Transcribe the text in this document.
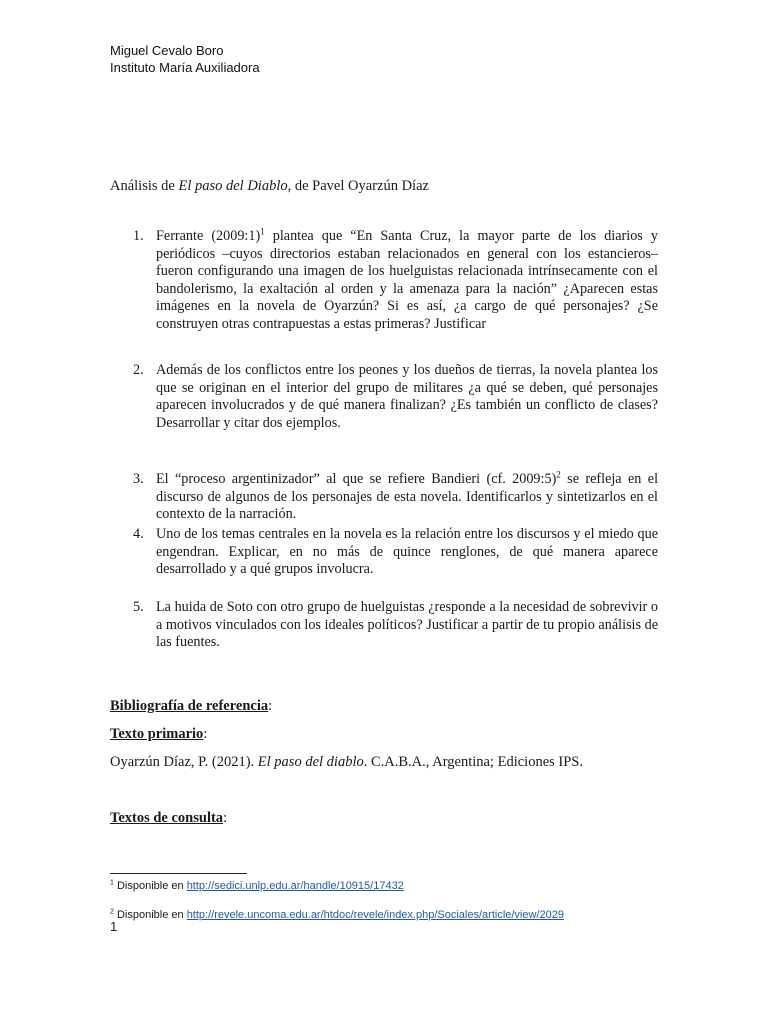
Miguel Cevalo Boro
Instituto María Auxiliadora
Análisis de El paso del Diablo, de Pavel Oyarzún Díaz
1. Ferrante (2009:1)$^1$ plantea que “En Santa Cruz, la mayor parte de los diarios y periódicos –cuyos directorios estaban relacionados en general con los estancieros– fueron configurando una imagen de los huelguistas relacionada intrínsecamente con el bandolerismo, la exaltación al orden y la amenaza para la nación” ¿Aparecen estas imágenes en la novela de Oyarzún? Si es así, ¿a cargo de qué personajes? ¿Se construyen otras contrapuestas a estas primeras? Justificar
2. Además de los conflictos entre los peones y los dueños de tierras, la novela plantea los que se originan en el interior del grupo de militares ¿a qué se deben, qué personajes aparecen involucrados y de qué manera finalizan? ¿Es también un conflicto de clases? Desarrollar y citar dos ejemplos.
3. El “proceso argentinizador” al que se refiere Bandieri (cf. 2009:5)$^2$ se refleja en el discurso de algunos de los personajes de esta novela. Identificarlos y sintetizarlos en el contexto de la narración.
4. Uno de los temas centrales en la novela es la relación entre los discursos y el miedo que engendran. Explicar, en no más de quince renglones, de qué manera aparece desarrollado y a qué grupos involucra.
5. La huida de Soto con otro grupo de huelguistas ¿responde a la necesidad de sobrevivir o a motivos vinculados con los ideales políticos? Justificar a partir de tu propio análisis de las fuentes.
Bibliografía de referencia:
Texto primario:
Oyarzún Díaz, P. (2021). El paso del diablo. C.A.B.A., Argentina; Ediciones IPS.
Textos de consulta:
$^1$ Disponible en http://sedici.unlp.edu.ar/handle/10915/17432
$^2$ Disponible en http://revele.uncoma.edu.ar/htdoc/revele/index.php/Sociales/article/view/2029
1
